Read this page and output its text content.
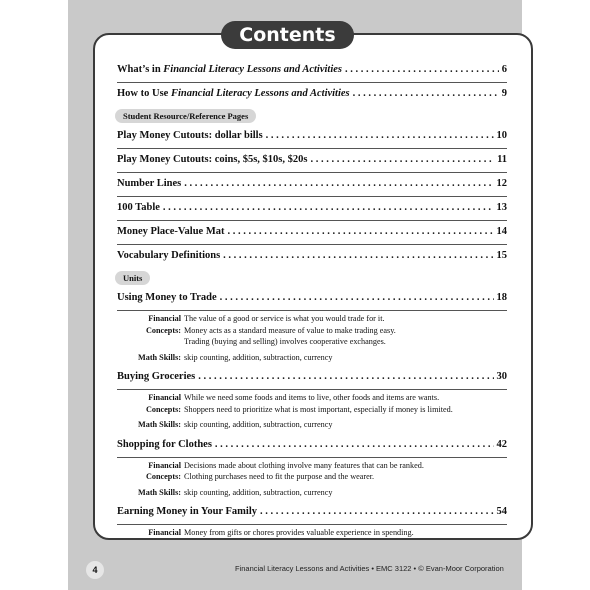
Contents
What’s in Financial Literacy Lessons and Activities . . .	6
How to Use Financial Literacy Lessons and Activities . . .	9
Student Resource/Reference Pages
Play Money Cutouts: dollar bills . . .	10
Play Money Cutouts: coins, $5s, $10s, $20s . . .	11
Number Lines . . .	12
100 Table . . .	13
Money Place-Value Mat . . .	14
Vocabulary Definitions . . .	15
Units
Using Money to Trade . . .	18
Financial Concepts:
The value of a good or service is what you would trade for it.
Money acts as a standard measure of value to make trading easy.
Trading (buying and selling) involves cooperative exchanges.
Math Skills: skip counting, addition, subtraction, currency
Buying Groceries . . .	30
Financial Concepts:
While we need some foods and items to live, other foods and items are wants.
Shoppers need to prioritize what is most important, especially if money is limited.
Math Skills: skip counting, addition, subtraction, currency
Shopping for Clothes . . .	42
Financial Concepts:
Decisions made about clothing involve many features that can be ranked.
Clothing purchases need to fit the purpose and the wearer.
Math Skills: skip counting, addition, subtraction, currency
Earning Money in Your Family . . .	54
Financial Money from gifts or chores provides valuable experience in spending.
4	Financial Literacy Lessons and Activities • EMC 3122 • © Evan-Moor Corporation
